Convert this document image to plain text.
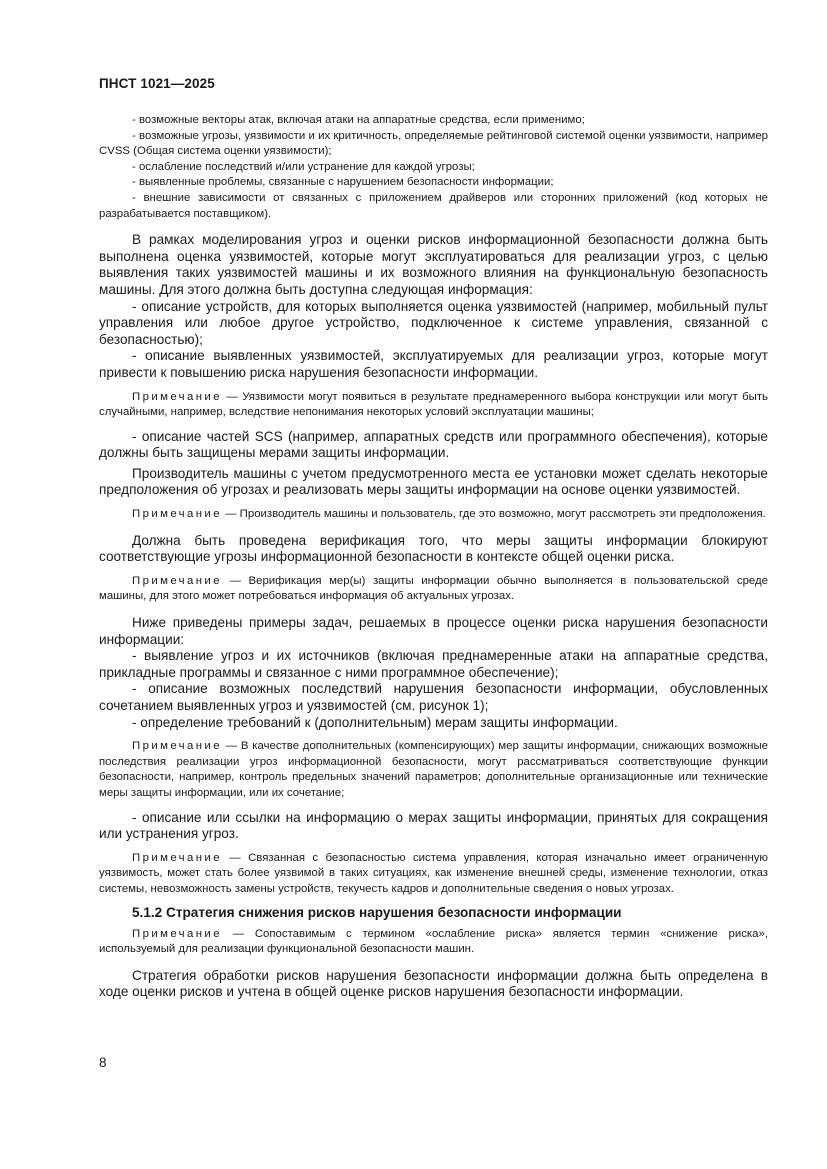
ПНСТ 1021—2025

- возможные векторы атак, включая атаки на аппаратные средства, если применимо;

- возможные угрозы, уязвимости и их критичность, определяемые рейтинговой системой оценки уязвимости, например CVSS (Общая система оценки уязвимости);

- ослабление последствий и/или устранение для каждой угрозы;

- выявленные проблемы, связанные с нарушением безопасности информации;

- внешние зависимости от связанных с приложением драйверов или сторонних приложений (код которых не разрабатывается поставщиком).

В рамках моделирования угроз и оценки рисков информационной безопасности должна быть выполнена оценка уязвимостей, которые могут эксплуатироваться для реализации угроз, с целью выявления таких уязвимостей машины и их возможного влияния на функциональную безопасность машины. Для этого должна быть доступна следующая информация:

- описание устройств, для которых выполняется оценка уязвимостей (например, мобильный пульт управления или любое другое устройство, подключенное к системе управления, связанной с безопасностью);

- описание выявленных уязвимостей, эксплуатируемых для реализации угроз, которые могут привести к повышению риска нарушения безопасности информации.

Примечание — Уязвимости могут появиться в результате преднамеренного выбора конструкции или могут быть случайными, например, вследствие непонимания некоторых условий эксплуатации машины;

- описание частей SCS (например, аппаратных средств или программного обеспечения), которые должны быть защищены мерами защиты информации.

Производитель машины с учетом предусмотренного места ее установки может сделать некоторые предположения об угрозах и реализовать меры защиты информации на основе оценки уязвимостей.

Примечание — Производитель машины и пользователь, где это возможно, могут рассмотреть эти предположения.

Должна быть проведена верификация того, что меры защиты информации блокируют соответствующие угрозы информационной безопасности в контексте общей оценки риска.

Примечание — Верификация мер(ы) защиты информации обычно выполняется в пользовательской среде машины, для этого может потребоваться информация об актуальных угрозах.

Ниже приведены примеры задач, решаемых в процессе оценки риска нарушения безопасности информации:

- выявление угроз и их источников (включая преднамеренные атаки на аппаратные средства, прикладные программы и связанное с ними программное обеспечение);

- описание возможных последствий нарушения безопасности информации, обусловленных сочетанием выявленных угроз и уязвимостей (см. рисунок 1);

- определение требований к (дополнительным) мерам защиты информации.

Примечание — В качестве дополнительных (компенсирующих) мер защиты информации, снижающих возможные последствия реализации угроз информационной безопасности, могут рассматриваться соответствующие функции безопасности, например, контроль предельных значений параметров; дополнительные организационные или технические меры защиты информации, или их сочетание;

- описание или ссылки на информацию о мерах защиты информации, принятых для сокращения или устранения угроз.

Примечание — Связанная с безопасностью система управления, которая изначально имеет ограниченную уязвимость, может стать более уязвимой в таких ситуациях, как изменение внешней среды, изменение технологии, отказ системы, невозможность замены устройств, текучесть кадров и дополнительные сведения о новых угрозах.

5.1.2 Стратегия снижения рисков нарушения безопасности информации

Примечание — Сопоставимым с термином «ослабление риска» является термин «снижение риска», используемый для реализации функциональной безопасности машин.

Стратегия обработки рисков нарушения безопасности информации должна быть определена в ходе оценки рисков и учтена в общей оценке рисков нарушения безопасности информации.

8
